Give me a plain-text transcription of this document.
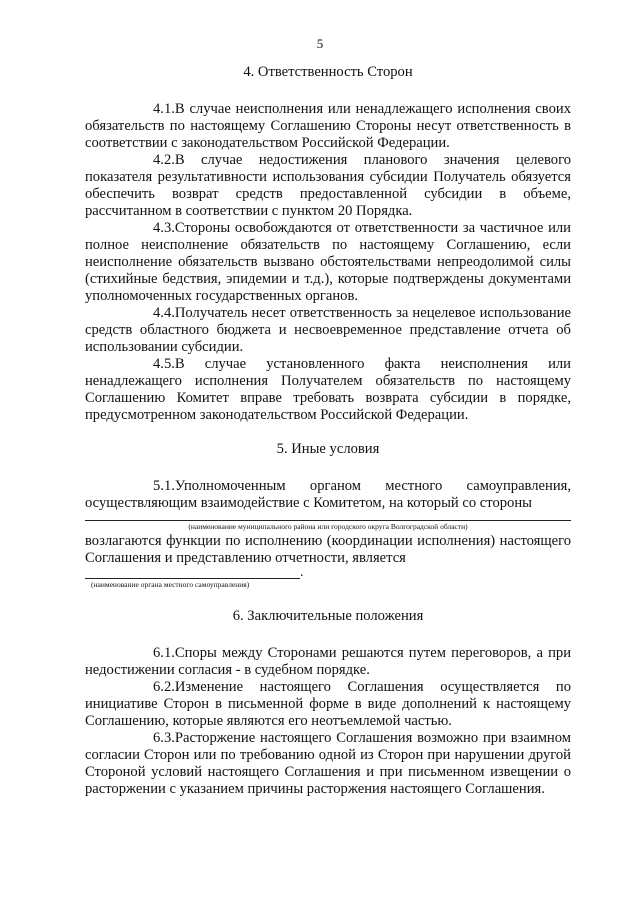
5
4. Ответственность Сторон

4.1.В случае неисполнения или ненадлежащего исполнения своих обязательств по настоящему Соглашению Стороны несут ответственность в соответствии с законодательством Российской Федерации.

4.2.В случае недостижения планового значения целевого показателя результативности использования субсидии Получатель обязуется обеспечить возврат средств предоставленной субсидии в объеме, рассчитанном в соответствии с пунктом 20 Порядка.

4.3.Стороны освобождаются от ответственности за частичное или полное неисполнение обязательств по настоящему Соглашению, если неисполнение обязательств вызвано обстоятельствами непреодолимой силы (стихийные бедствия, эпидемии и т.д.), которые подтверждены документами уполномоченных государственных органов.

4.4.Получатель несет ответственность за нецелевое использование средств областного бюджета и несвоевременное представление отчета об использовании субсидии.

4.5.В случае установленного факта неисполнения или ненадлежащего исполнения Получателем обязательств по настоящему Соглашению Комитет вправе требовать возврата субсидии в порядке, предусмотренном законодательством Российской Федерации.

5. Иные условия

5.1.Уполномоченным органом местного самоуправления, осуществляющим взаимодействие с Комитетом, на который со стороны

(наименование муниципального района или городского округа Волгоградской области)

возлагаются функции по исполнению (координации исполнения) настоящего Соглашения и представлению отчетности, является

.
(наименование органа местного самоуправления)
6. Заключительные положения

6.1.Споры между Сторонами решаются путем переговоров, а при недостижении согласия - в судебном порядке.

6.2.Изменение настоящего Соглашения осуществляется по инициативе Сторон в письменной форме в виде дополнений к настоящему Соглашению, которые являются его неотъемлемой частью.

6.3.Расторжение настоящего Соглашения возможно при взаимном согласии Сторон или по требованию одной из Сторон при нарушении другой Стороной условий настоящего Соглашения и при письменном извещении о расторжении с указанием причины расторжения настоящего Соглашения.
